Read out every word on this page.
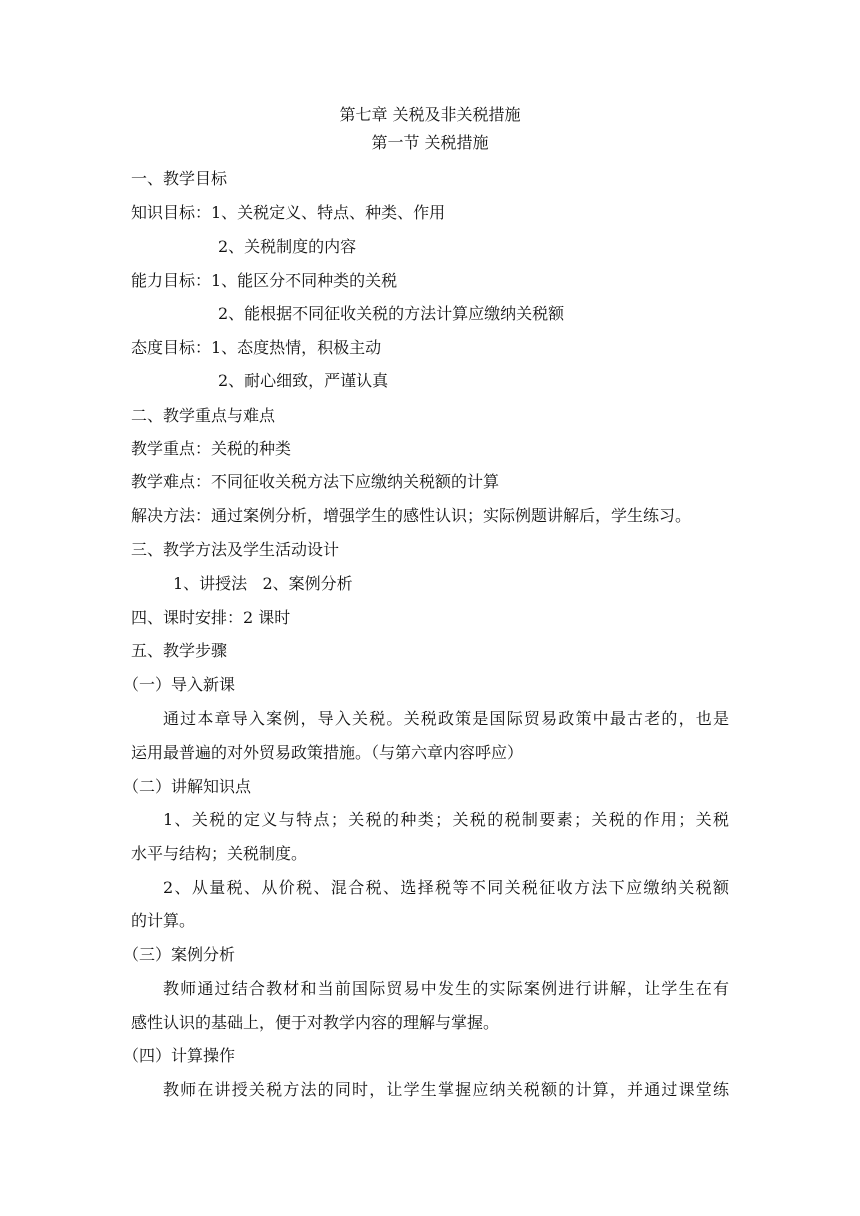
第七章 关税及非关税措施
第一节 关税措施
一、教学目标
知识目标：1、关税定义、特点、种类、作用
2、关税制度的内容
能力目标：1、能区分不同种类的关税
2、能根据不同征收关税的方法计算应缴纳关税额
态度目标：1、态度热情，积极主动
2、耐心细致，严谨认真
二、教学重点与难点
教学重点：关税的种类
教学难点：不同征收关税方法下应缴纳关税额的计算
解决方法：通过案例分析，增强学生的感性认识；实际例题讲解后，学生练习。
三、教学方法及学生活动设计
1、讲授法   2、案例分析
四、课时安排：2 课时
五、教学步骤
（一）导入新课
通过本章导入案例，导入关税。关税政策是国际贸易政策中最古老的，也是
运用最普遍的对外贸易政策措施。（与第六章内容呼应）
（二）讲解知识点
1、关税的定义与特点；关税的种类；关税的税制要素；关税的作用；关税
水平与结构；关税制度。
2、从量税、从价税、混合税、选择税等不同关税征收方法下应缴纳关税额
的计算。
（三）案例分析
教师通过结合教材和当前国际贸易中发生的实际案例进行讲解，让学生在有
感性认识的基础上，便于对教学内容的理解与掌握。
（四）计算操作
教师在讲授关税方法的同时，让学生掌握应纳关税额的计算，并通过课堂练
